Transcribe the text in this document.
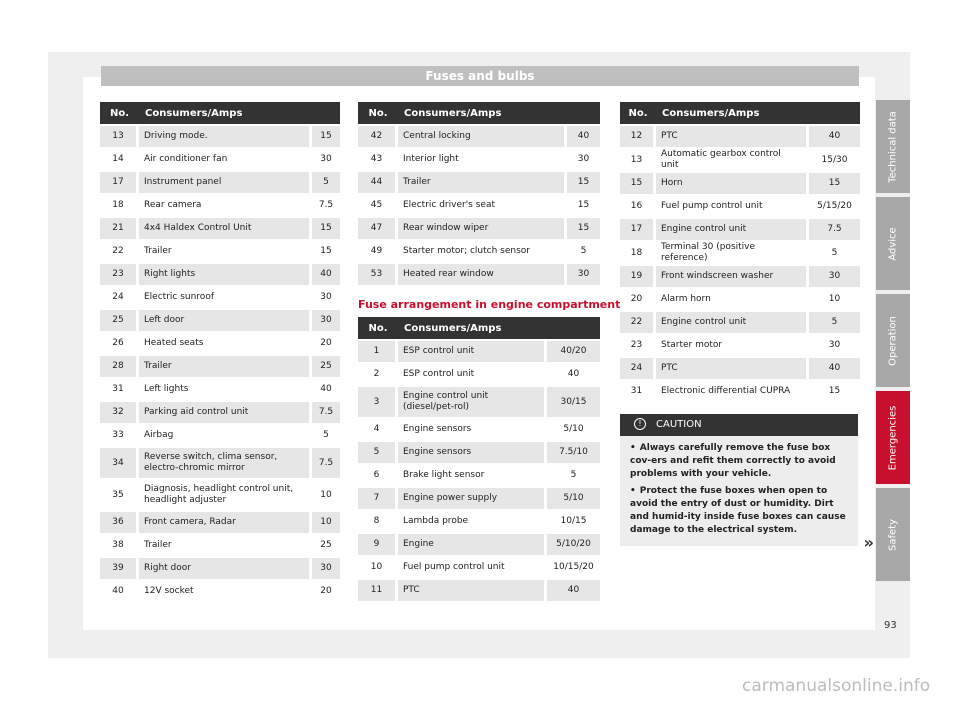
Fuses and bulbs
No.	Consumers/Amps	
13	Driving mode.	15
14	Air conditioner fan	30
17	Instrument panel	5
18	Rear camera	7.5
21	4x4 Haldex Control Unit	15
22	Trailer	15
23	Right lights	40
24	Electric sunroof	30
25	Left door	30
26	Heated seats	20
28	Trailer	25
31	Left lights	40
32	Parking aid control unit	7.5
33	Airbag	5
34	Reverse switch, clima sensor, electro-chromic mirror	7.5
35	Diagnosis, headlight control unit, headlight adjuster	10
36	Front camera, Radar	10
38	Trailer	25
39	Right door	30
40	12V socket	20
No.	Consumers/Amps	
42	Central locking	40
43	Interior light	30
44	Trailer	15
45	Electric driver's seat	15
47	Rear window wiper	15
49	Starter motor; clutch sensor	5
53	Heated rear window	30
Fuse arrangement in engine compartment
No.	Consumers/Amps	
1	ESP control unit	40/20
2	ESP control unit	40
3	Engine control unit (diesel/pet-rol)	30/15
4	Engine sensors	5/10
5	Engine sensors	7.5/10
6	Brake light sensor	5
7	Engine power supply	5/10
8	Lambda probe	10/15
9	Engine	5/10/20
10	Fuel pump control unit	10/15/20
11	PTC	40
No.	Consumers/Amps	
12	PTC	40
13	Automatic gearbox control unit	15/30
15	Horn	15
16	Fuel pump control unit	5/15/20
17	Engine control unit	7.5
18	Terminal 30 (positive reference)	5
19	Front windscreen washer	30
20	Alarm horn	10
22	Engine control unit	5
23	Starter motor	30
24	PTC	40
31	Electronic differential CUPRA	15
! CAUTION
• Always carefully remove the fuse box cov-ers and refit them correctly to avoid problems with your vehicle.
• Protect the fuse boxes when open to avoid the entry of dust or humidity. Dirt and humid-ity inside fuse boxes can cause damage to the electrical system.
»
Technical data
Advice
Operation
Emergencies
Safety
93
carmanualsonline.info
